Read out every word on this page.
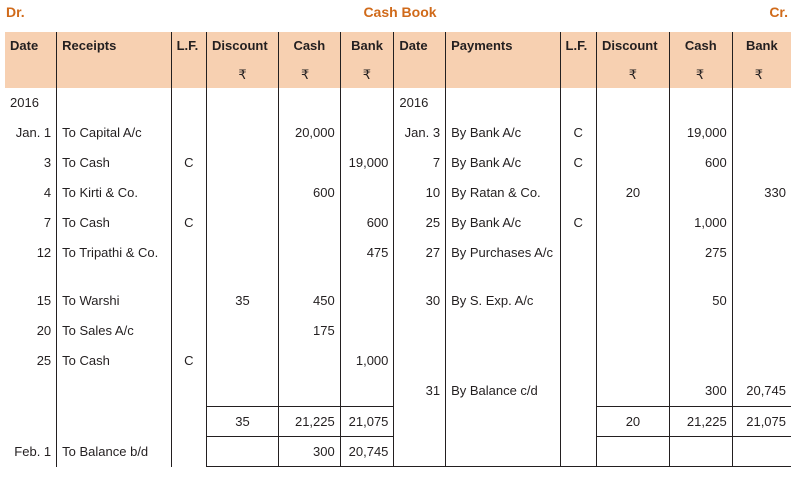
Cash Book
Dr.	Cr.
Date	Receipts	L.F.	Discount	Cash	Bank	Date	Payments	L.F.	Discount	Cash	Bank
			₹	₹	₹				₹	₹	₹
2016						2016					
Jan. 1	To Capital A/c			20,000		Jan. 3	By Bank A/c	C		19,000	
3	To Cash	C			19,000	7	By Bank A/c	C		600	
4	To Kirti & Co.			600		10	By Ratan & Co.		20		330
7	To Cash	C			600	25	By Bank A/c	C		1,000	
12	To Tripathi & Co.				475	27	By Purchases A/c			275	
15	To Warshi		35	450		30	By S. Exp. A/c			50	
20	To Sales A/c			175							
25	To Cash	C			1,000						
						31	By Balance c/d			300	20,745
			35	21,225	21,075				20	21,225	21,075
Feb. 1	To Balance b/d			300	20,745						
